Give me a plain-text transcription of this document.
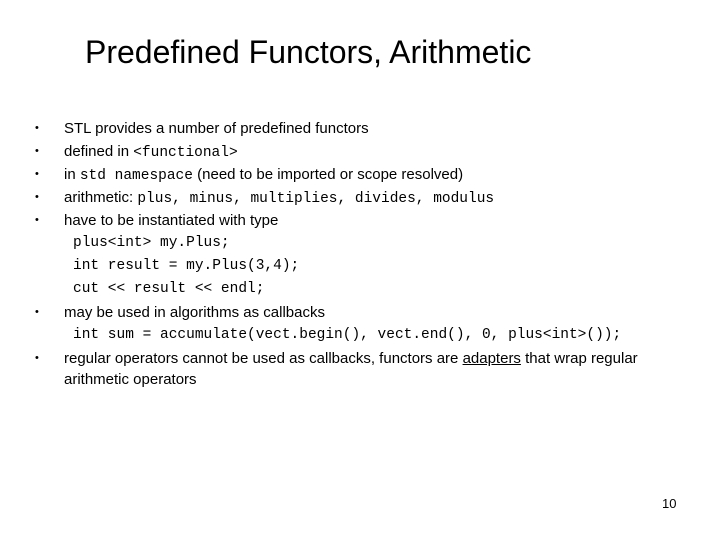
Predefined Functors, Arithmetic
• STL provides a number of predefined functors
• defined in <functional>
• in std namespace (need to be imported or scope resolved)
• arithmetic: plus, minus, multiplies, divides, modulus
• have to be instantiated with type
plus<int> my.Plus;
int result = my.Plus(3,4);
cut << result << endl;
• may be used in algorithms as callbacks
int sum = accumulate(vect.begin(), vect.end(), 0, plus<int>());
• regular operators cannot be used as callbacks, functors are adapters that wrap regular
arithmetic operators
10
